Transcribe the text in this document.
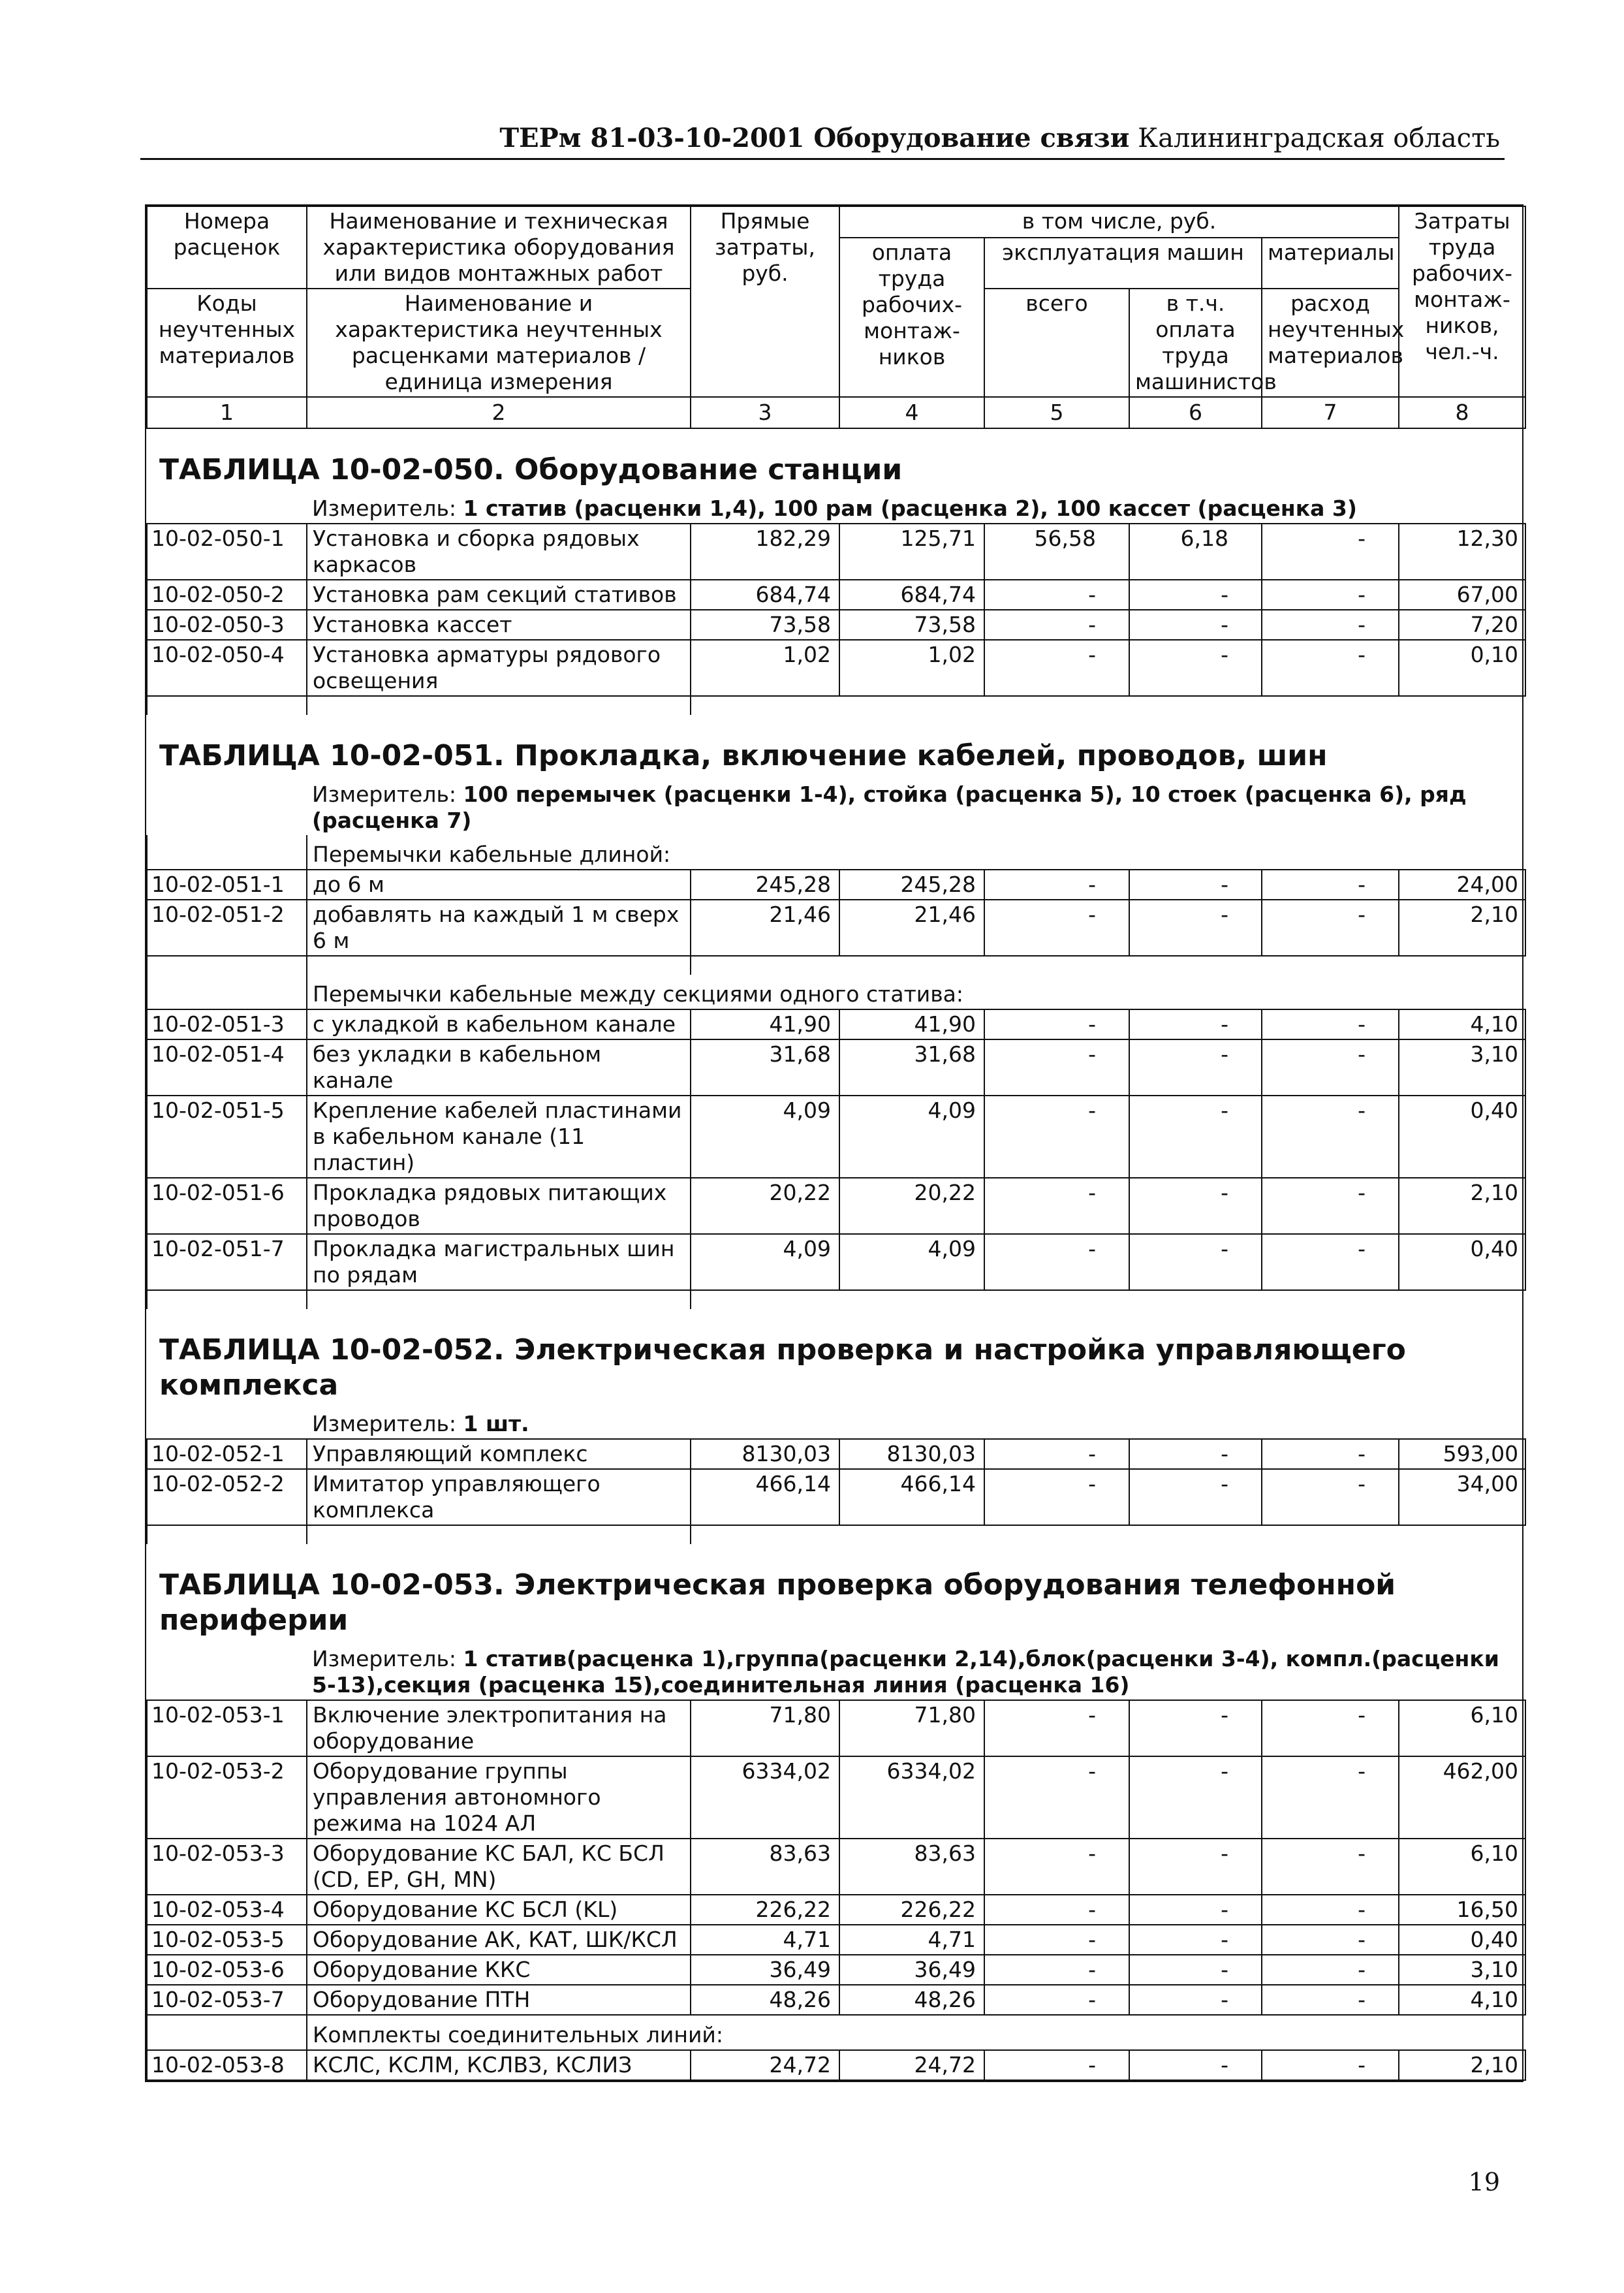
ТЕРм 81-03-10-2001 Оборудование связи Калининградская область
Номера расценок	Наименование и техническая характеристика оборудования или видов монтажных работ	Прямые затраты, руб.	в том числе, руб.				Затраты труда рабочих-монтаж-ников, чел.-ч.
			оплата труда рабочих-монтаж-ников	эксплуатация машин		материалы	

Коды неучтенных материалов	Наименование и характеристика неучтенных расценками материалов / единица измерения			всего	в т.ч. оплата труда машинистов	расход неучтенных материалов	

1	2	3	4	5	6	7	8
ТАБЛИЦА 10-02-050. Оборудование станции
	Измеритель: 1 статив (расценки 1,4), 100 рам (расценка 2), 100 кассет (расценка 3)						
10-02-050-1	Установка и сборка рядовых каркасов	182,29	125,71	56,58	6,18	-	12,30
10-02-050-2	Установка рам секций стативов	684,74	684,74	-	-	-	67,00
10-02-050-3	Установка кассет	73,58	73,58	-	-	-	7,20
10-02-050-4	Установка арматуры рядового освещения	1,02	1,02	-	-	-	0,10

ТАБЛИЦА 10-02-051. Прокладка, включение кабелей, проводов, шин
	Измеритель: 100 перемычек (расценки 1-4), стойка (расценка 5), 10 стоек (расценка 6), ряд (расценка 7)						
	Перемычки кабельные длиной:						
10-02-051-1	до 6 м	245,28	245,28	-	-	-	24,00
10-02-051-2	добавлять на каждый 1 м сверх 6 м	21,46	21,46	-	-	-	2,10

	Перемычки кабельные между секциями одного статива:						
10-02-051-3	с укладкой в кабельном канале	41,90	41,90	-	-	-	4,10
10-02-051-4	без укладки в кабельном канале	31,68	31,68	-	-	-	3,10
10-02-051-5	Крепление кабелей пластинами в кабельном канале (11 пластин)	4,09	4,09	-	-	-	0,40
10-02-051-6	Прокладка рядовых питающих проводов	20,22	20,22	-	-	-	2,10
10-02-051-7	Прокладка магистральных шин по рядам	4,09	4,09	-	-	-	0,40

ТАБЛИЦА 10-02-052. Электрическая проверка и настройка управляющего комплекса
	Измеритель: 1 шт.						
10-02-052-1	Управляющий комплекс	8130,03	8130,03	-	-	-	593,00
10-02-052-2	Имитатор управляющего комплекса	466,14	466,14	-	-	-	34,00

ТАБЛИЦА 10-02-053. Электрическая проверка оборудования телефонной периферии
	Измеритель: 1 статив(расценка 1),группа(расценки 2,14),блок(расценки 3-4), компл.(расценки 5-13),секция (расценка 15),соединительная линия (расценка 16)						
10-02-053-1	Включение электропитания на оборудование	71,80	71,80	-	-	-	6,10
10-02-053-2	Оборудование группы управления автономного режима на 1024 АЛ	6334,02	6334,02	-	-	-	462,00
10-02-053-3	Оборудование КС БАЛ, КС БСЛ (CD, EP, GH, MN)	83,63	83,63	-	-	-	6,10
10-02-053-4	Оборудование КС БСЛ (KL)	226,22	226,22	-	-	-	16,50
10-02-053-5	Оборудование АК, КАТ, ШК/КСЛ	4,71	4,71	-	-	-	0,40
10-02-053-6	Оборудование ККС	36,49	36,49	-	-	-	3,10
10-02-053-7	Оборудование ПТН	48,26	48,26	-	-	-	4,10
	Комплекты соединительных линий:						
10-02-053-8	КСЛС, КСЛМ, КСЛВЗ, КСЛИЗ	24,72	24,72	-	-	-	2,10
19
